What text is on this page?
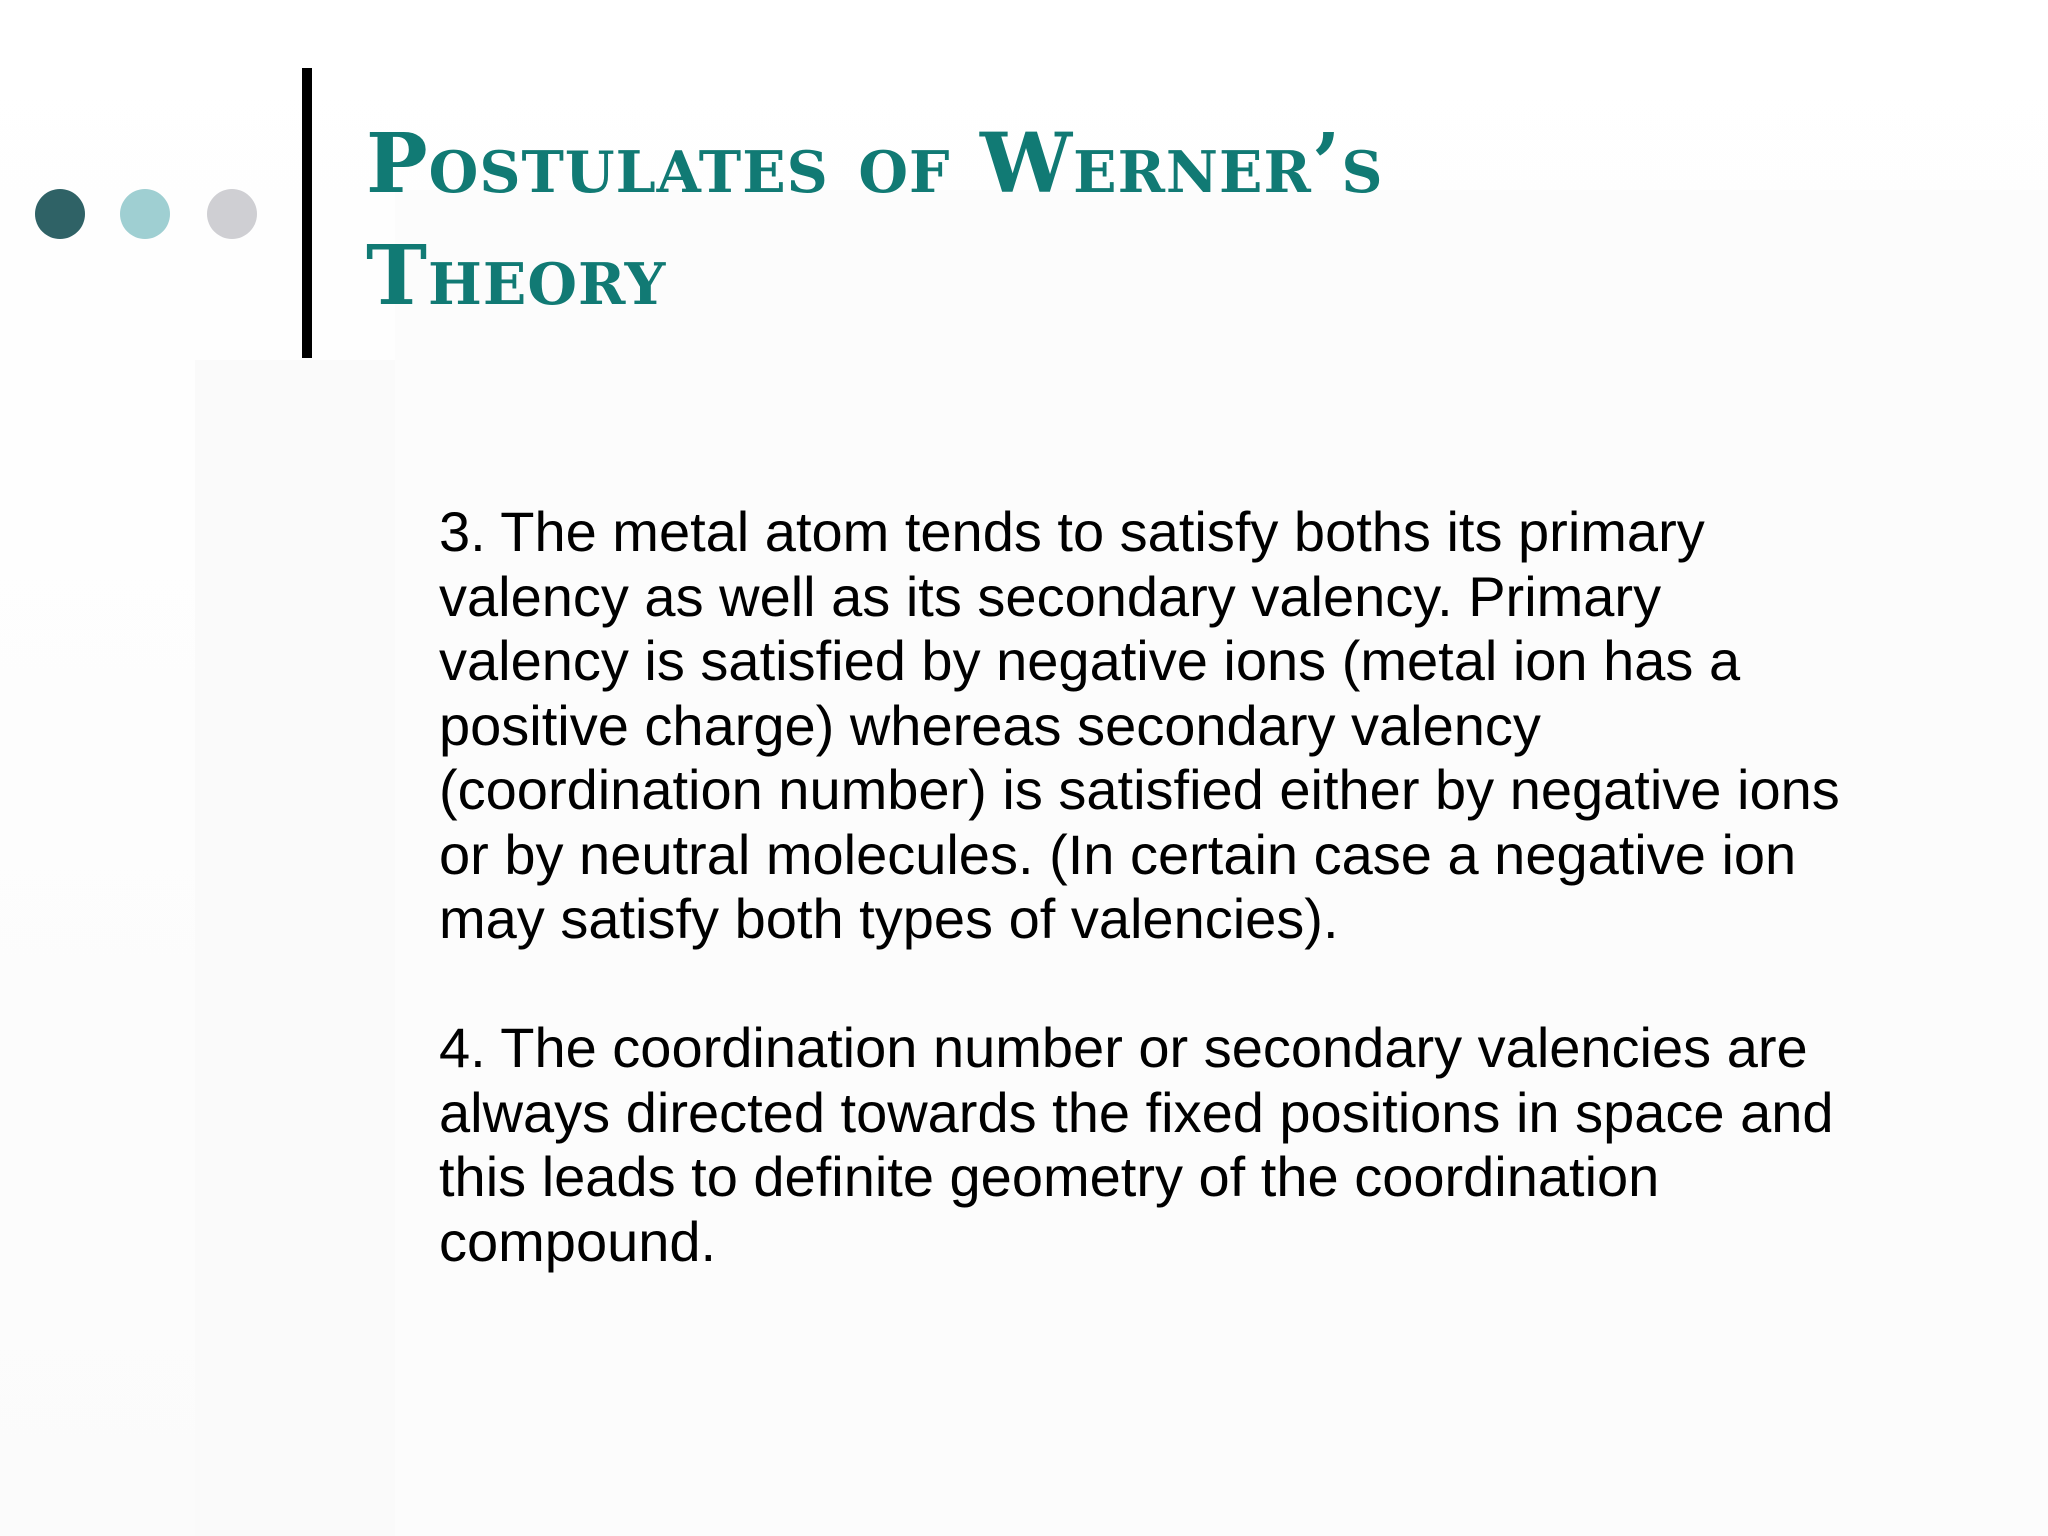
Postulates of Werner’s Theory

3. The metal atom tends to satisfy boths its primary valency as well as its secondary valency. Primary valency is satisfied by negative ions (metal ion has a positive charge) whereas secondary valency (coordination number) is satisfied either by negative ions or by neutral molecules. (In certain case a negative ion may satisfy both types of valencies).

4. The coordination number or secondary valencies are always directed towards the fixed positions in space and this leads to definite geometry of the coordination compound.
